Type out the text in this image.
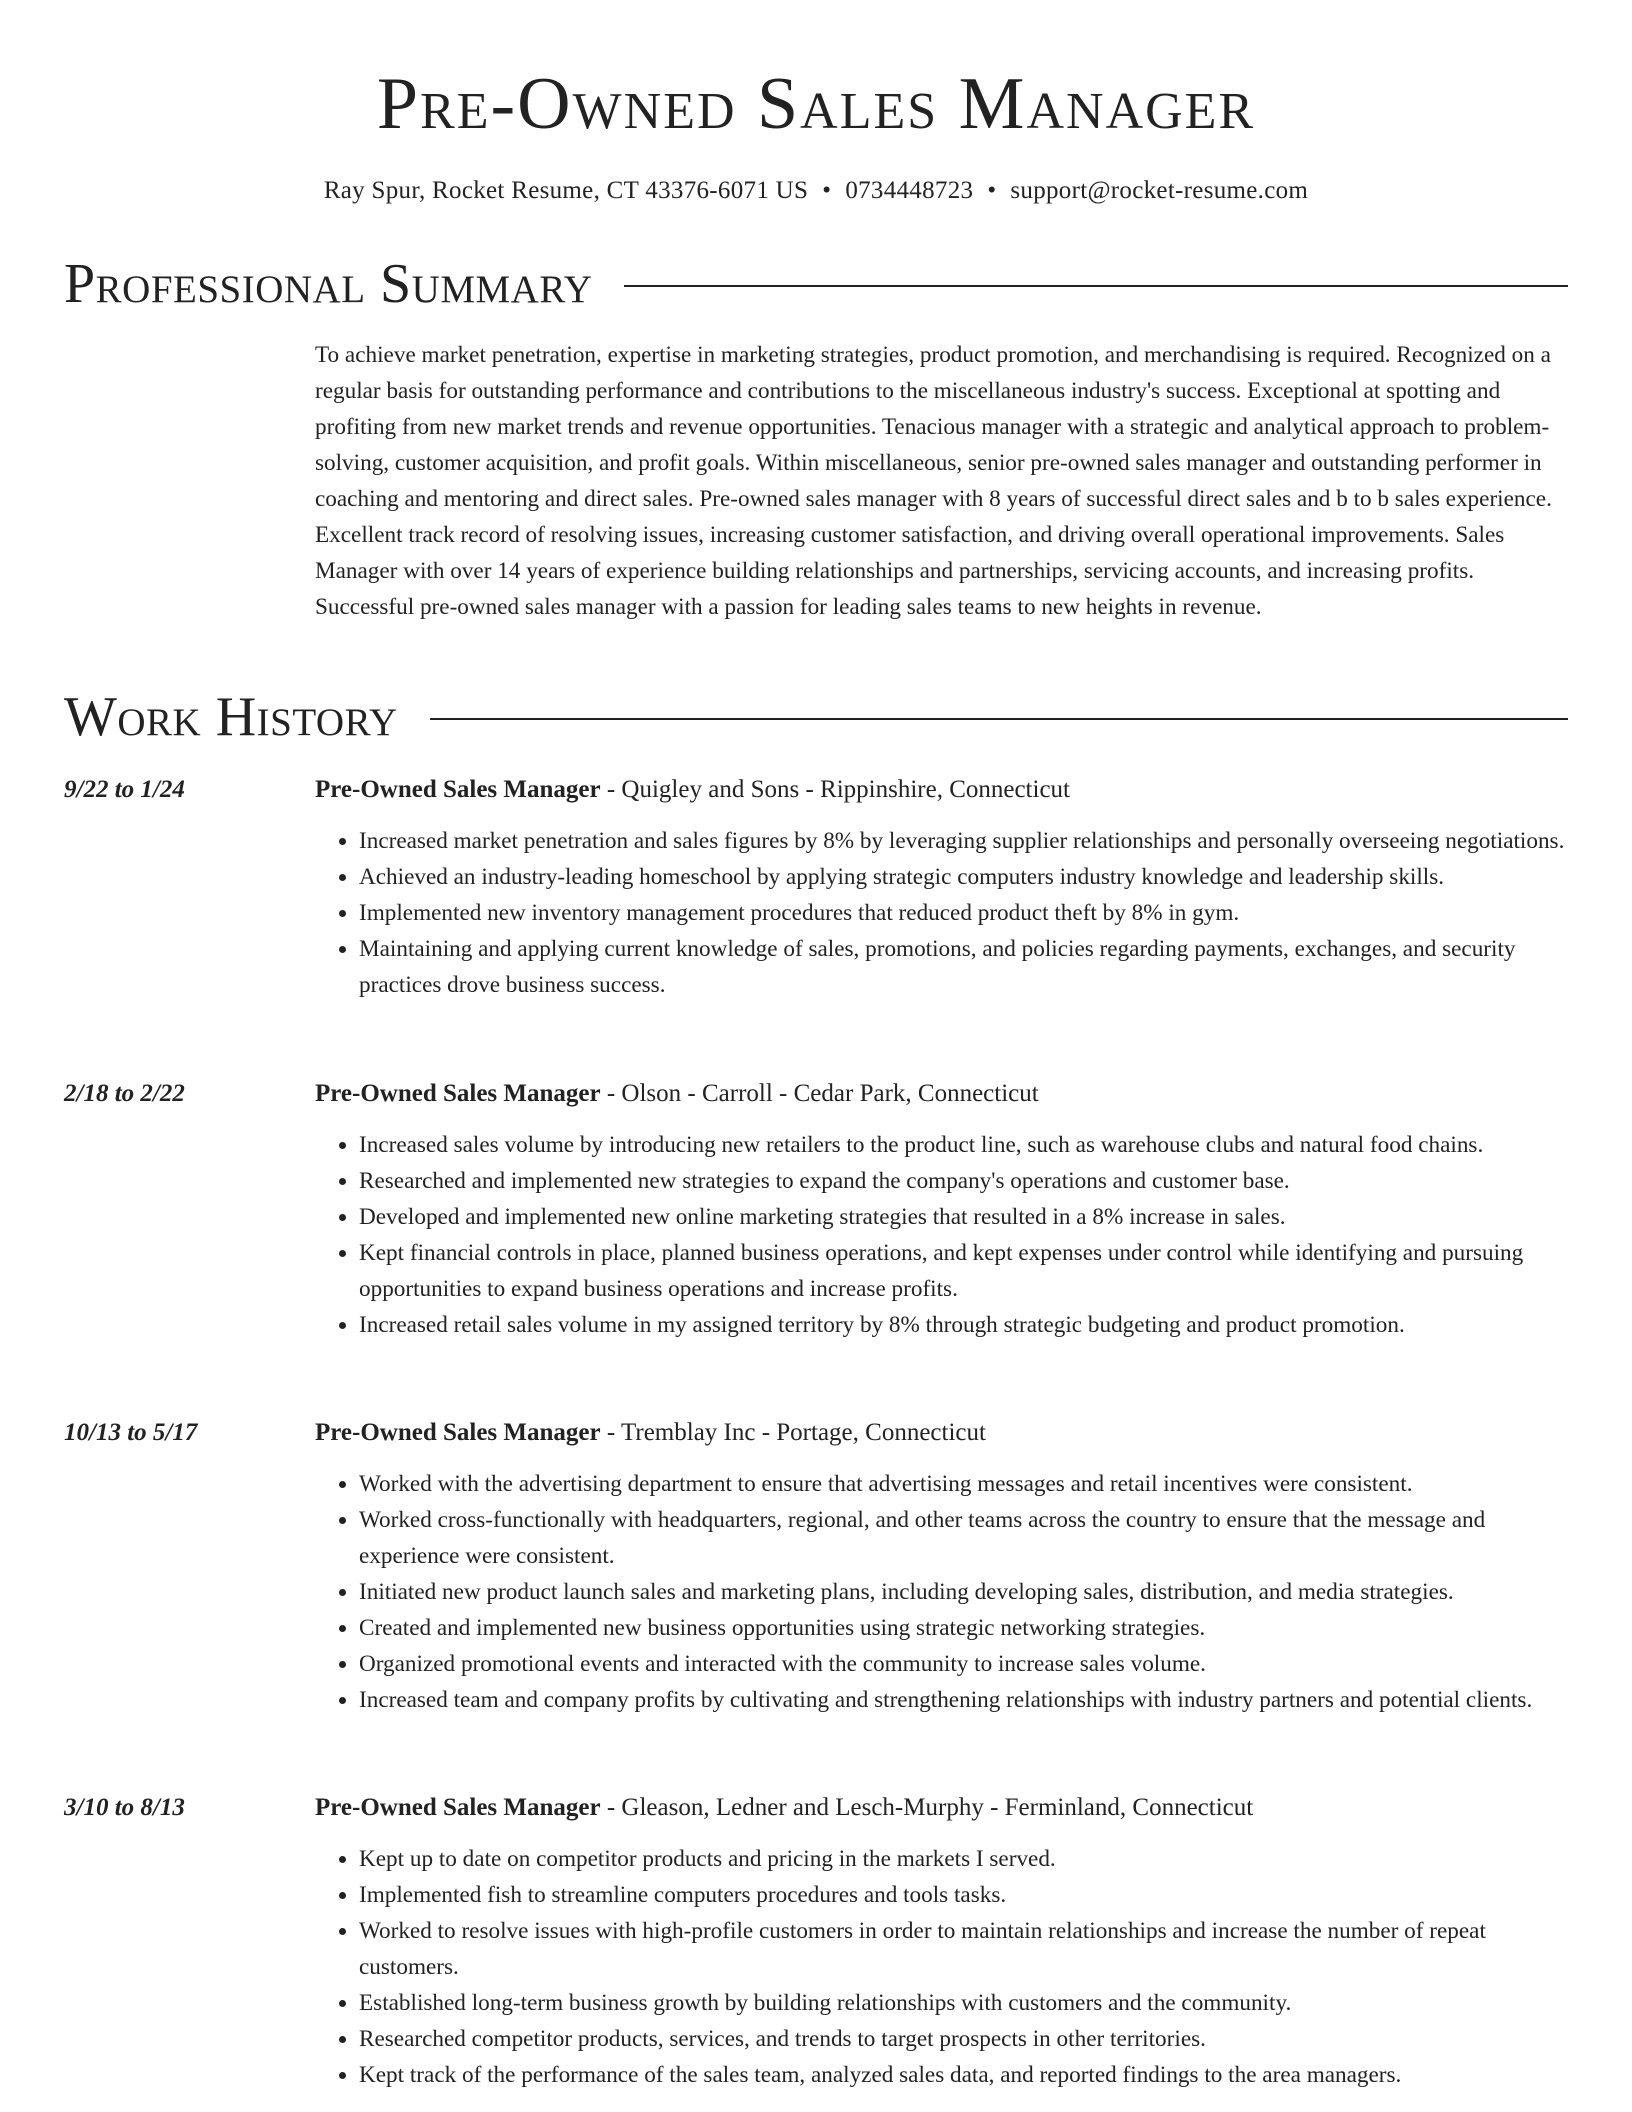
Pre-Owned Sales Manager
Ray Spur, Rocket Resume, CT 43376-6071 US • 0734448723 • support@rocket-resume.com
Professional Summary

To achieve market penetration, expertise in marketing strategies, product promotion, and merchandising is required. Recognized on a regular basis for outstanding performance and contributions to the miscellaneous industry's success. Exceptional at spotting and profiting from new market trends and revenue opportunities. Tenacious manager with a strategic and analytical approach to problem-solving, customer acquisition, and profit goals. Within miscellaneous, senior pre-owned sales manager and outstanding performer in coaching and mentoring and direct sales. Pre-owned sales manager with 8 years of successful direct sales and b to b sales experience. Excellent track record of resolving issues, increasing customer satisfaction, and driving overall operational improvements. Sales Manager with over 14 years of experience building relationships and partnerships, servicing accounts, and increasing profits. Successful pre-owned sales manager with a passion for leading sales teams to new heights in revenue.

Work History
9/22 to 1/24	Pre-Owned Sales Manager - Quigley and Sons - Rippinshire, Connecticut
• Increased market penetration and sales figures by 8% by leveraging supplier relationships and personally overseeing negotiations.
• Achieved an industry-leading homeschool by applying strategic computers industry knowledge and leadership skills.
• Implemented new inventory management procedures that reduced product theft by 8% in gym.
• Maintaining and applying current knowledge of sales, promotions, and policies regarding payments, exchanges, and security practices drove business success.
2/18 to 2/22	Pre-Owned Sales Manager - Olson - Carroll - Cedar Park, Connecticut
• Increased sales volume by introducing new retailers to the product line, such as warehouse clubs and natural food chains.
• Researched and implemented new strategies to expand the company's operations and customer base.
• Developed and implemented new online marketing strategies that resulted in a 8% increase in sales.
• Kept financial controls in place, planned business operations, and kept expenses under control while identifying and pursuing opportunities to expand business operations and increase profits.
• Increased retail sales volume in my assigned territory by 8% through strategic budgeting and product promotion.
10/13 to 5/17	Pre-Owned Sales Manager - Tremblay Inc - Portage, Connecticut
• Worked with the advertising department to ensure that advertising messages and retail incentives were consistent.
• Worked cross-functionally with headquarters, regional, and other teams across the country to ensure that the message and experience were consistent.
• Initiated new product launch sales and marketing plans, including developing sales, distribution, and media strategies.
• Created and implemented new business opportunities using strategic networking strategies.
• Organized promotional events and interacted with the community to increase sales volume.
• Increased team and company profits by cultivating and strengthening relationships with industry partners and potential clients.
3/10 to 8/13	Pre-Owned Sales Manager - Gleason, Ledner and Lesch-Murphy - Ferminland, Connecticut
• Kept up to date on competitor products and pricing in the markets I served.
• Implemented fish to streamline computers procedures and tools tasks.
• Worked to resolve issues with high-profile customers in order to maintain relationships and increase the number of repeat customers.
• Established long-term business growth by building relationships with customers and the community.
• Researched competitor products, services, and trends to target prospects in other territories.
• Kept track of the performance of the sales team, analyzed sales data, and reported findings to the area managers.
